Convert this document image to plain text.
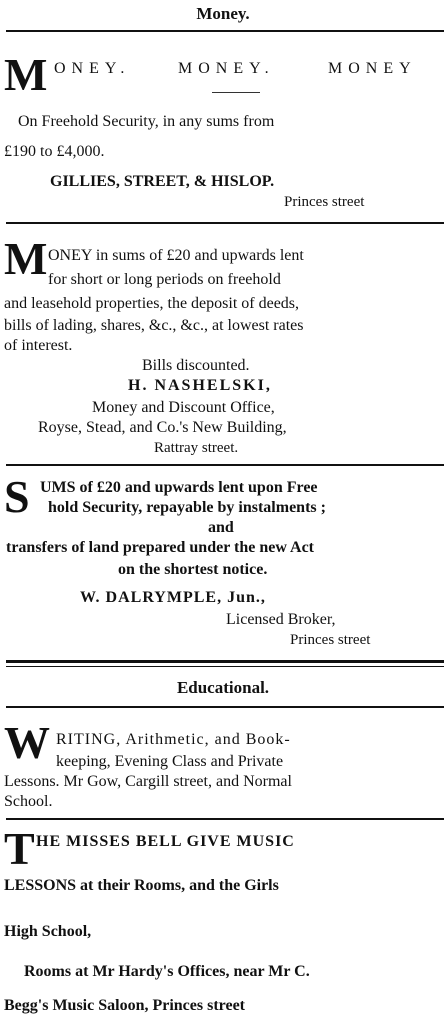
Money.
M ONEY.	MONEY.	MONEY
On Freehold Security, in any sums from
£190 to £4,000.
GILLIES, STREET, & HISLOP.
Princes street
M ONEY in sums of £20 and upwards lent
for short or long periods on freehold
and leasehold properties, the deposit of deeds,
bills of lading, shares, &c., &c., at lowest rates
of interest.
Bills discounted.
H. NASHELSKI,
Money and Discount Office,
Royse, Stead, and Co.'s New Building,
Rattray street.
S UMS of £20 and upwards lent upon Free
hold Security, repayable by instalments ;
and
transfers of land prepared under the new Act
on the shortest notice.
W. DALRYMPLE, Jun.,
Licensed Broker,
Princes street
Educational.
W RITING, Arithmetic, and Book-
keeping, Evening Class and Private
Lessons. Mr Gow, Cargill street, and Normal
School.
T HE MISSES BELL GIVE MUSIC
LESSONS at their Rooms, and the Girls
High School,
Rooms at Mr Hardy's Offices, near Mr C.
Begg's Music Saloon, Princes street
